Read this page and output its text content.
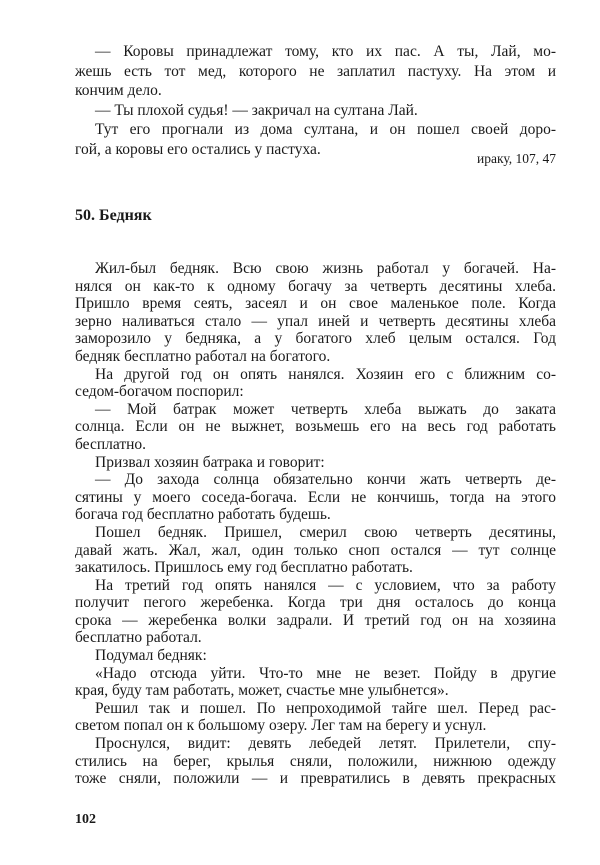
— Коровы принадлежат тому, кто их пас. А ты, Лай, мо-
жешь есть тот мед, которого не заплатил пастуху. На этом и
кончим дело.
— Ты плохой судья! — закричал на султана Лай.
Тут его прогнали из дома султана, и он пошел своей доро-
гой, а коровы его остались у пастуха.
ираку, 107, 47
50. Бедняк
Жил-был бедняк. Всю свою жизнь работал у богачей. На-
нялся он как-то к одному богачу за четверть десятины хлеба.
Пришло время сеять, засеял и он свое маленькое поле. Когда
зерно наливаться стало — упал иней и четверть десятины хлеба
заморозило у бедняка, а у богатого хлеб целым остался. Год
бедняк бесплатно работал на богатого.
На другой год он опять нанялся. Хозяин его с ближним со-
седом-богачом поспорил:
— Мой батрак может четверть хлеба выжать до заката
солнца. Если он не выжнет, возьмешь его на весь год работать
бесплатно.
Призвал хозяин батрака и говорит:
— До захода солнца обязательно кончи жать четверть де-
сятины у моего соседа-богача. Если не кончишь, тогда на этого
богача год бесплатно работать будешь.
Пошел бедняк. Пришел, смерил свою четверть десятины,
давай жать. Жал, жал, один только сноп остался — тут солнце
закатилось. Пришлось ему год бесплатно работать.
На третий год опять нанялся — с условием, что за работу
получит пегого жеребенка. Когда три дня осталось до конца
срока — жеребенка волки задрали. И третий год он на хозяина
бесплатно работал.
Подумал бедняк:
«Надо отсюда уйти. Что-то мне не везет. Пойду в другие
края, буду там работать, может, счастье мне улыбнется».
Решил так и пошел. По непроходимой тайге шел. Перед рас-
светом попал он к большому озеру. Лег там на берегу и уснул.
Проснулся, видит: девять лебедей летят. Прилетели, спу-
стились на берег, крылья сняли, положили, нижнюю одежду
тоже сняли, положили — и превратились в девять прекрасных
102
